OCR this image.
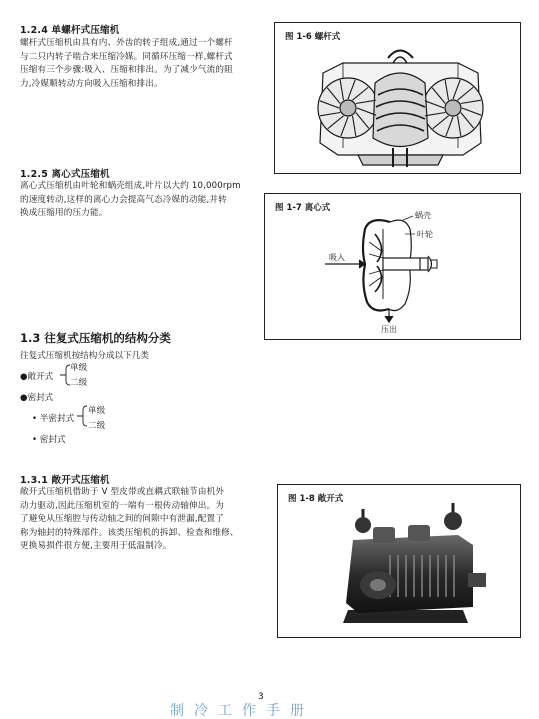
1.2.4 单螺杆式压缩机
螺杆式压缩机由具有内、外齿的转子组成,通过一个螺杆
与二只内转子啮合来压缩冷媒。同循环压缩一样,螺杆式
压缩有三个步骤:吸入、压缩和排出。为了减少气流的阻
力,冷媒顺转动方向吸入压缩和排出。
1.2.5 离心式压缩机
离心式压缩机由叶轮和蜗壳组成,叶片以大约 10,000rpm
的速度转动,这样的离心力会提高气态冷媒的动能,并转
换成压缩用的压力能。
1.3 往复式压缩机的结构分类
往复式压缩机按结构分成以下几类
●敞开式
单级
二级
●密封式
• 半密封式
单级
二级
• 密封式
1.3.1 敞开式压缩机
敞开式压缩机借助于 V 型皮带或直耦式联轴节由机外
动力驱动,因此压缩机室的一端有一根传动轴伸出。为
了避免从压缩腔与传动轴之间的间隙中有泄漏,配置了
称为轴封的特殊部件。该类压缩机的拆卸、检查和维修、
更换易损件很方便,主要用于低温制冷。
图 1-6 螺杆式
图 1-7 离心式
蜗壳
叶轮
吸入
压出
图 1-8 敞开式
3
制冷工作手册
